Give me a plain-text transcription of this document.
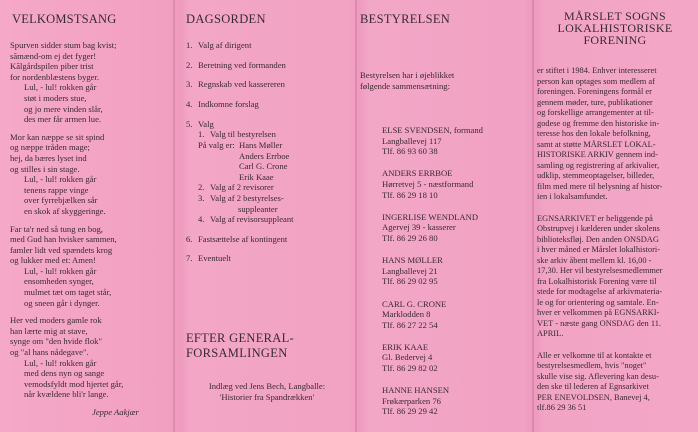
VELKOMSTSANG
Spurven sidder stum bag kvist;
sămænd-om ej det fyger!
Kălgårdspilen piber trist
for nordenblæstens byger.
Lul, - lul! rokken går
støt i moders stue,
og jo mere vinden slår,
des mer får armen lue.
Mor kan næppe se sit spind
og næppe tråden mage;
hej, da bæres lyset ind
og stilles i sin stage.
Lul, - lul! rokken går
tenens rappe vinge
over fyrrebjælken sår
en skok af skyggeringe.
Far ta'r ned så tung en bog,
med Gud han hvisker sammen,
famler lidt ved spændets krog
og lukker med et: Amen!
Lul, - lul! rokken går
ensomheden synger,
mulmet tæt om taget står,
og sneen går i dynger.
Her ved moders gamle rok
han lærte mig at stave,
synge om "den hvide flok"
og "al hans nådegave".
Lul, - lul! rokken går
med dens nyn og sange
vemodsfyldt mod hjertet går,
når kvældene bli'r lange.
Jeppe Aakjær
DAGSORDEN
1. Valg af dirigent
2. Beretning ved formanden
3. Regnskab ved kassereren
4. Indkomne forslag
5. Valg
1. Valg til bestyrelsen
På valg er: Hans Møller
Anders Errboe
Carl G. Crone
Erik Kaae
2. Valg af 2 revisorer
3. Valg af 2 bestyrelses-
suppleanter
4. Valg af revisorsuppleant
6. Fastsættelse af kontingent
7. Eventuelt
EFTER GENERAL-
FORSAMLINGEN
Indlæg ved Jens Bech, Langballe:
'Historier fra Spandrækken'
BESTYRELSEN
Bestyrelsen har i øjeblikket
følgende sammensætning:
ELSE SVENDSEN, formand
Langballevej 117
Tlf. 86 93 60 38
ANDERS ERRBOE
Hørretvej 5 - næstformand
Tlf. 86 29 18 10
INGERLISE WENDLAND
Agervej 39 - kasserer
Tlf. 86 29 26 80
HANS MØLLER
Langballevej 21
Tlf. 86 29 02 95
CARL G. CRONE
Marklodden 8
Tlf. 86 27 22 54
ERIK KAAE
Gl. Bedervej 4
Tlf. 86 29 82 02
HANNE HANSEN
Frøkærparken 76
Tlf. 86 29 29 42
MÅRSLET SOGNS
LOKALHISTORISKE
FORENING
er stiftet i 1984. Enhver interesseret
person kan optages som medlem af
foreningen. Foreningens formål er
gennem møder, ture, publikationer
og forskellige arrangementer at til-
godese og fremme den historiske in-
teresse hos den lokale befolkning,
samt at støtte MÅRSLET LOKAL-
HISTORISKE ARKIV gennem ind-
samling og registrering af arkivalier,
udklip, stemmeoptagelser, billeder,
film med mere til belysning af histor-
ien i lokalsamfundet.
EGNSARKIVET er beliggende på
Obstrupvej i kælderen under skolens
biblioteksfløj. Den anden ONSDAG
i hver måned er Mårslet lokalhistori-
ske arkiv åbent mellem kl. 16,00 -
17,30. Her vil bestyrelsesmedlemmer
fra Lokalhistorisk Forening være til
stede for modtagelse af arkivmateria-
le og for orientering og samtale. En-
hver er velkommen på EGNSARKI-
VET - næste gang ONSDAG den 11.
APRIL.
Alle er velkomne til at kontakte et
bestyrelsesmedlem, hvis "noget"
skulle vise sig. Aflevering kan desu-
den ske til lederen af Egnsarkivet
PER ENEVOLDSEN, Banevej 4,
tlf.86 29 36 51
